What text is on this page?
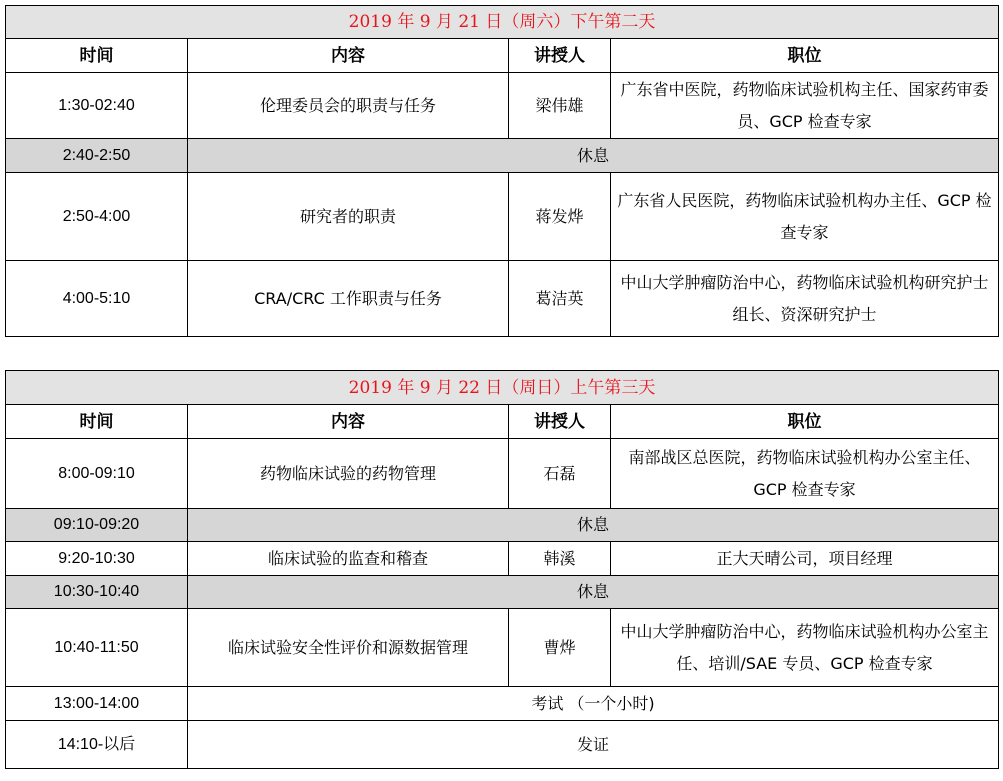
2019 年 9 月 21 日（周六）下午第二天			
时间	内容	讲授人	职位
1:30-02:40	伦理委员会的职责与任务	梁伟雄	广东省中医院，药物临床试验机构主任、国家药审委员、GCP 检查专家
2:40-2:50	休息		
2:50-4:00	研究者的职责	蒋发烨	广东省人民医院，药物临床试验机构办主任、GCP 检查专家
4:00-5:10	CRA/CRC 工作职责与任务	葛洁英	中山大学肿瘤防治中心，药物临床试验机构研究护士组长、资深研究护士
2019 年 9 月 22 日（周日）上午第三天			
时间	内容	讲授人	职位
8:00-09:10	药物临床试验的药物管理	石磊	南部战区总医院，药物临床试验机构办公室主任、GCP 检查专家
09:10-09:20	休息		
9:20-10:30	临床试验的监查和稽查	韩溪	正大天晴公司，项目经理
10:30-10:40	休息		
10:40-11:50	临床试验安全性评价和源数据管理	曹烨	中山大学肿瘤防治中心，药物临床试验机构办公室主任、培训/SAE 专员、GCP 检查专家
13:00-14:00	考试 （一个小时)		
14:10-以后	发证		
